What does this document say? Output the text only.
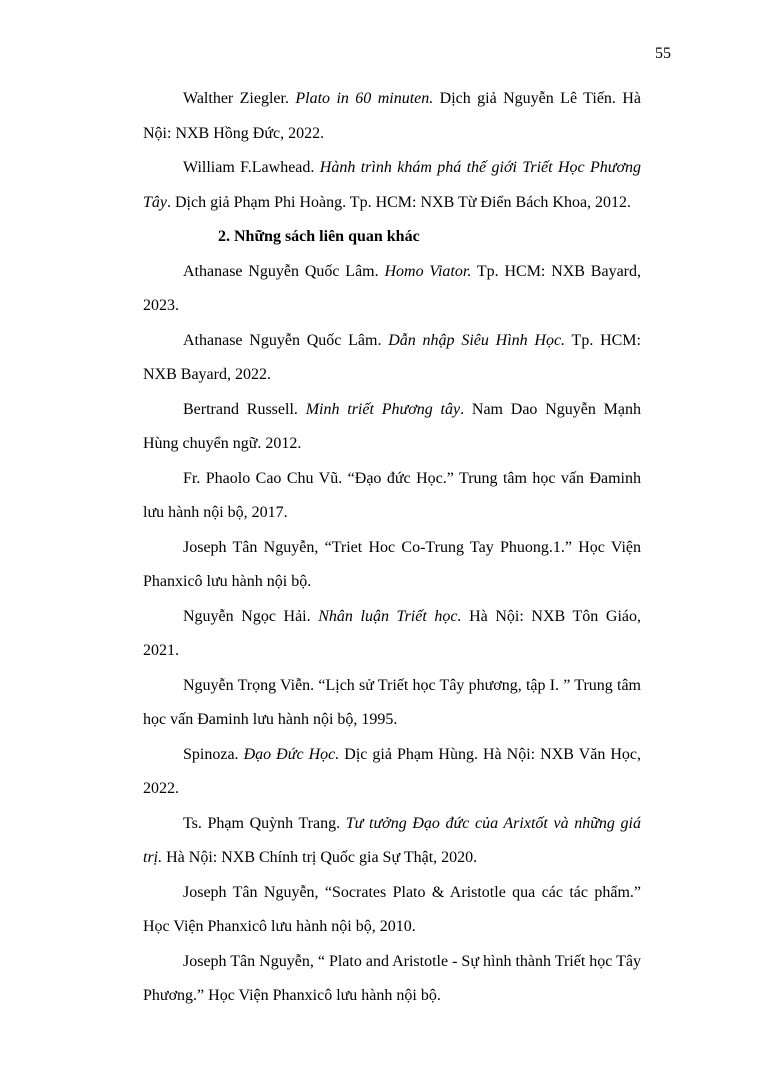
55

Walther Ziegler. Plato in 60 minuten. Dịch giả Nguyễn Lê Tiến. Hà Nội: NXB Hồng Đức, 2022.

William F.Lawhead. Hành trình khám phá thế giới Triết Học Phương Tây. Dịch giả Phạm Phi Hoàng. Tp. HCM: NXB Từ Điển Bách Khoa, 2012.

2. Những sách liên quan khác

Athanase Nguyễn Quốc Lâm. Homo Viator. Tp. HCM: NXB Bayard, 2023.

Athanase Nguyễn Quốc Lâm. Dẫn nhập Siêu Hình Học. Tp. HCM: NXB Bayard, 2022.

Bertrand Russell. Minh triết Phương tây. Nam Dao Nguyễn Mạnh Hùng chuyển ngữ. 2012.

Fr. Phaolo Cao Chu Vũ. “Đạo đức Học.” Trung tâm học vấn Đaminh lưu hành nội bộ, 2017.

Joseph Tân Nguyễn, “Triet Hoc Co-Trung Tay Phuong.1.” Học Viện Phanxicô lưu hành nội bộ.

Nguyễn Ngọc Hải. Nhân luận Triết học. Hà Nội: NXB Tôn Giáo, 2021.

Nguyễn Trọng Viễn. “Lịch sử Triết học Tây phương, tập I. ” Trung tâm học vấn Đaminh lưu hành nội bộ, 1995.

Spinoza. Đạo Đức Học. Dịc giả Phạm Hùng. Hà Nội: NXB Văn Học, 2022.

Ts. Phạm Quỳnh Trang. Tư tưởng Đạo đức của Arixtốt và những giá trị. Hà Nội: NXB Chính trị Quốc gia Sự Thật, 2020.

Joseph Tân Nguyễn, “Socrates Plato & Aristotle qua các tác phẩm.” Học Viện Phanxicô lưu hành nội bộ, 2010.

Joseph Tân Nguyễn, “ Plato and Aristotle - Sự hình thành Triết học Tây Phương.” Học Viện Phanxicô lưu hành nội bộ.
